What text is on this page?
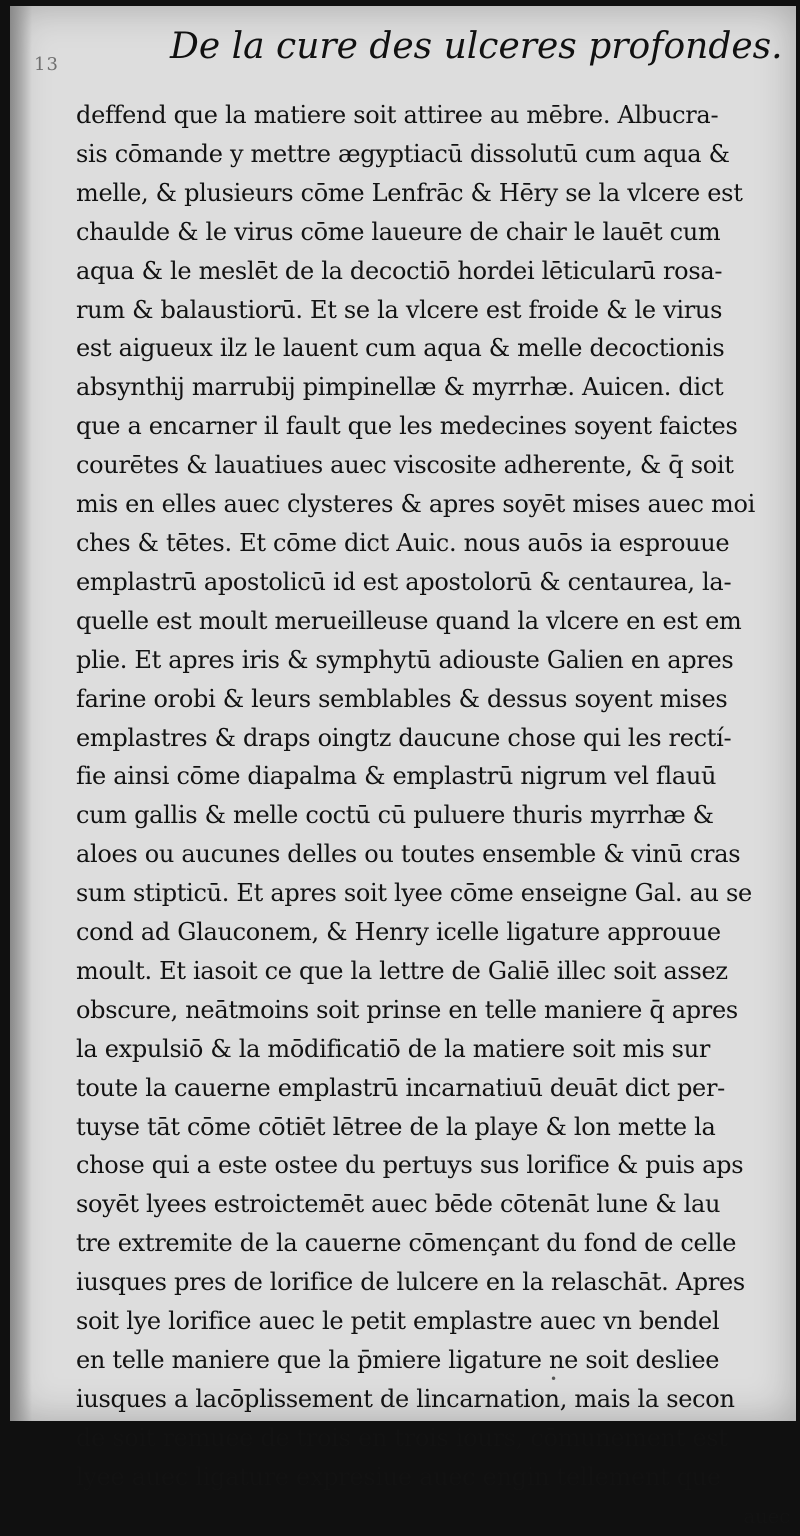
13	De la cure des ulceres profondes.
deffend que la matiere soit attiree au mēbre. Albucra-
sis cōmande y mettre ægyptiacū dissolutū cum aqua &
melle, & plusieurs cōme Lenfrāc & Hēry se la vlcere est
chaulde & le virus cōme laueure de chair le lauēt cum
aqua & le meslēt de la decoctiō hordei lēticularū rosa-
rum & balaustiorū. Et se la vlcere est froide & le virus
est aigueux ilz le lauent cum aqua & melle decoctionis
absynthij marrubij pimpinellæ & myrrhæ. Auicen. dict
que a encarner il fault que les medecines soyent faictes
courētes & lauatiues auec viscosite adherente, & q̄ soit
mis en elles auec clysteres & apres soyēt mises auec moi
ches & tētes. Et cōme dict Auic. nous auōs ia esprouue
emplastrū apostolicū id est apostolorū & centaurea, la-
quelle est moult merueilleuse quand la vlcere en est em
plie. Et apres iris & symphytū adiouste Galien en apres
farine orobi & leurs semblables & dessus soyent mises
emplastres & draps oingtz daucune chose qui les rectí-
fie ainsi cōme diapalma & emplastrū nigrum vel flauū
cum gallis & melle coctū cū puluere thuris myrrhæ &
aloes ou aucunes delles ou toutes ensemble & vinū cras
sum stipticū. Et apres soit lyee cōme enseigne Gal. au se
cond ad Glauconem, & Henry icelle ligature approuue
moult. Et iasoit ce que la lettre de Galiē illec soit assez
obscure, neātmoins soit prinse en telle maniere q̄ apres
la expulsiō & la mōdificatiō de la matiere soit mis sur
toute la cauerne emplastrū incarnatiuū deuāt dict per-
tuyse tāt cōme cōtiēt lētree de la playe & lon mette la
chose qui a este ostee du pertuys sus lorifice & puis aps
soyēt lyees estroictemēt auec bēde cōtenāt lune & lau
tre extremite de la cauerne cōmençant du fond de celle
iusques pres de lorifice de lulcere en la relaschāt. Apres
soit lye lorifice auec le petit emplastre auec vn bendel
en telle maniere que la p̄miere ligature ne soit desliee
iusques a lacōplissement de lincarnation, mais la secon
de soit remuee de trois en trois iours, cōmunement est
lyee auec ligature expresiue auec engin tellement que
auec
•
